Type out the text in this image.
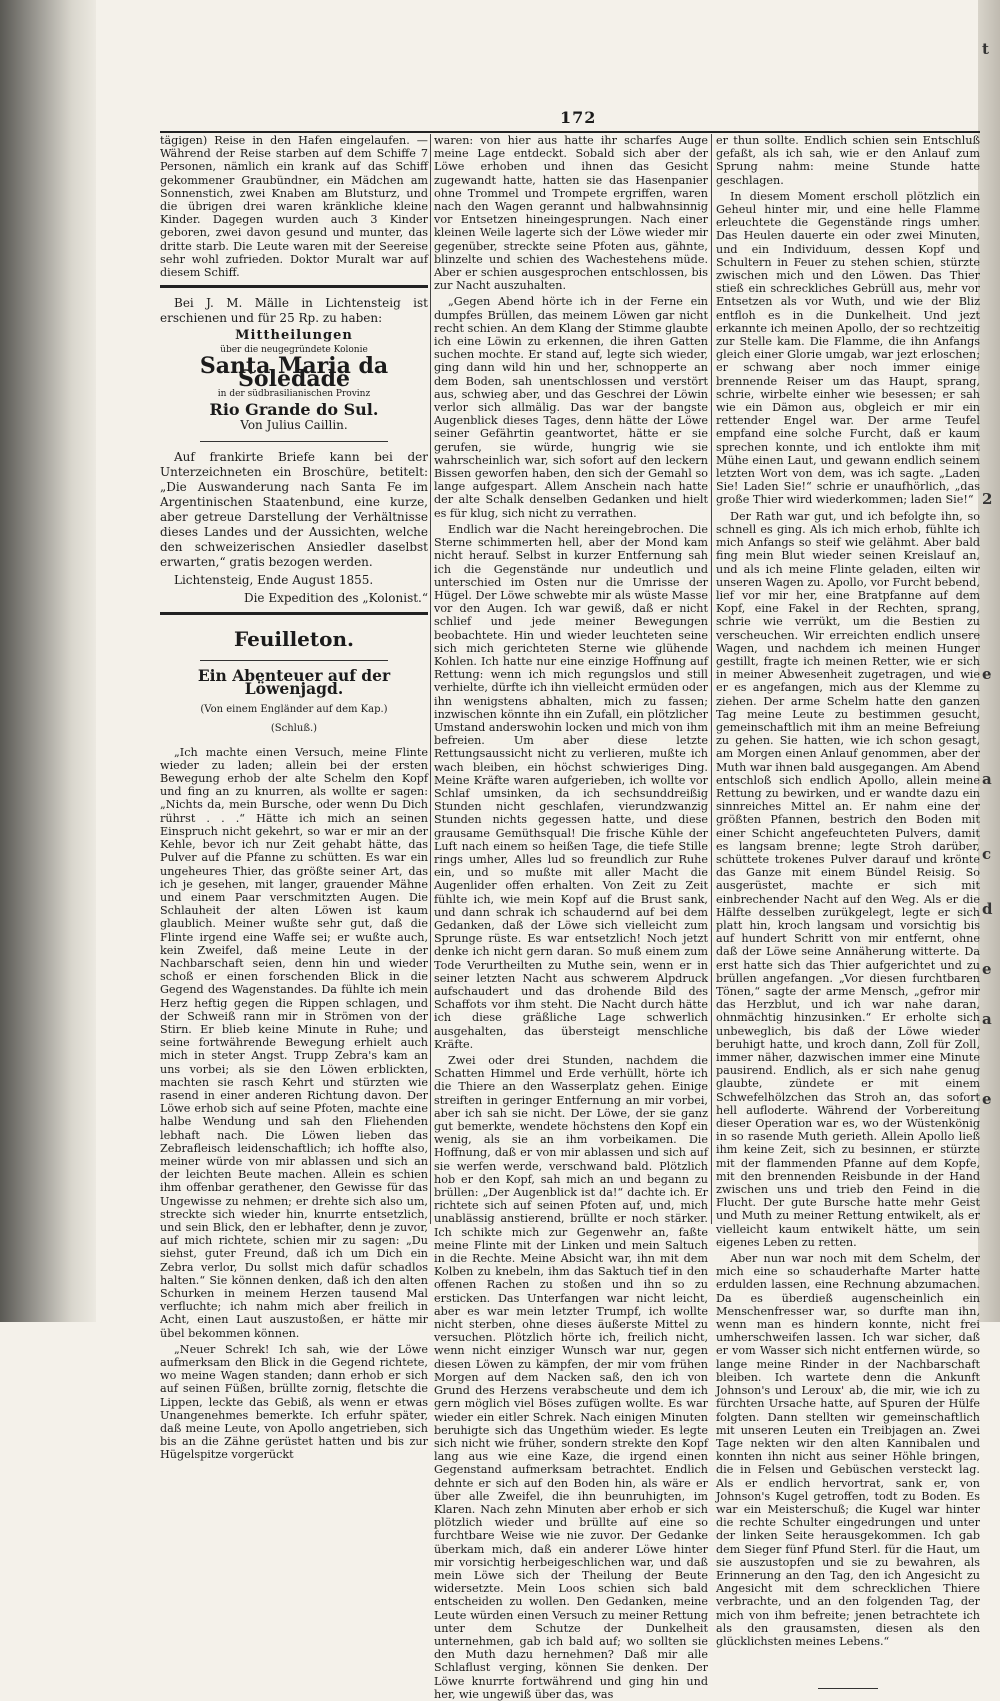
t
2
e
a
c
d
e
a
e
172

tägigen) Reise in den Hafen eingelaufen. — Während der Reise starben auf dem Schiffe 7 Personen, nämlich ein krank auf das Schiff gekommener Graubündner, ein Mädchen am Sonnenstich, zwei Knaben am Blutsturz, und die übrigen drei waren kränkliche kleine Kinder. Dagegen wurden auch 3 Kinder geboren, zwei davon gesund und munter, das dritte starb. Die Leute waren mit der Seereise sehr wohl zufrieden. Doktor Muralt war auf diesem Schiff.

Bei J. M. Mälle in Lichtensteig ist erschienen und für 25 Rp. zu haben:

Mittheilungen
über die neugegründete Kolonie
Santa Maria da Soledade
in der südbrasilianischen Provinz
Rio Grande do Sul.
Von Julius Caillin.

Auf frankirte Briefe kann bei der Unterzeichneten ein Broschüre, betitelt: „Die Auswanderung nach Santa Fe im Argentinischen Staatenbund, eine kurze, aber getreue Darstellung der Verhältnisse dieses Landes und der Aussichten, welche den schweizerischen Ansiedler daselbst erwarten,“ gratis bezogen werden.

Lichtensteig, Ende August 1855.

Die Expedition des „Kolonist.“
Feuilleton.
Ein Abenteuer auf der Löwenjagd.
(Von einem Engländer auf dem Kap.)
(Schluß.)

„Ich machte einen Versuch, meine Flinte wieder zu laden; allein bei der ersten Bewegung erhob der alte Schelm den Kopf und fing an zu knurren, als wollte er sagen: „Nichts da, mein Bursche, oder wenn Du Dich rührst . . .“ Hätte ich mich an seinen Einspruch nicht gekehrt, so war er mir an der Kehle, bevor ich nur Zeit gehabt hätte, das Pulver auf die Pfanne zu schütten. Es war ein ungeheures Thier, das größte seiner Art, das ich je gesehen, mit langer, grauender Mähne und einem Paar verschmitzten Augen. Die Schlauheit der alten Löwen ist kaum glaublich. Meiner wußte sehr gut, daß die Flinte irgend eine Waffe sei; er wußte auch, kein Zweifel, daß meine Leute in der Nachbarschaft seien, denn hin und wieder schoß er einen forschenden Blick in die Gegend des Wagenstandes. Da fühlte ich mein Herz heftig gegen die Rippen schlagen, und der Schweiß rann mir in Strömen von der Stirn. Er blieb keine Minute in Ruhe; und seine fortwährende Bewegung erhielt auch mich in steter Angst. Trupp Zebra's kam an uns vorbei; als sie den Löwen erblickten, machten sie rasch Kehrt und stürzten wie rasend in einer anderen Richtung davon. Der Löwe erhob sich auf seine Pfoten, machte eine halbe Wendung und sah den Fliehenden lebhaft nach. Die Löwen lieben das Zebrafleisch leidenschaftlich; ich hoffte also, meiner würde von mir ablassen und sich an der leichten Beute machen. Allein es schien ihm offenbar gerathener, den Gewisse für das Ungewisse zu nehmen; er drehte sich also um, streckte sich wieder hin, knurrte entsetzlich, und sein Blick, den er lebhafter, denn je zuvor, auf mich richtete, schien mir zu sagen: „Du siehst, guter Freund, daß ich um Dich ein Zebra verlor, Du sollst mich dafür schadlos halten.“ Sie können denken, daß ich den alten Schurken in meinem Herzen tausend Mal verfluchte; ich nahm mich aber freilich in Acht, einen Laut auszustoßen, er hätte mir übel bekommen können.

„Neuer Schrek! Ich sah, wie der Löwe aufmerksam den Blick in die Gegend richtete, wo meine Wagen standen; dann erhob er sich auf seinen Füßen, brüllte zornig, fletschte die Lippen, leckte das Gebiß, als wenn er etwas Unangenehmes bemerkte. Ich erfuhr später, daß meine Leute, von Apollo angetrieben, sich bis an die Zähne gerüstet hatten und bis zur Hügelspitze vorgerückt

waren: von hier aus hatte ihr scharfes Auge meine Lage entdeckt. Sobald sich aber der Löwe erhoben und ihnen das Gesicht zugewandt hatte, hatten sie das Hasenpanier ohne Trommel und Trompete ergriffen, waren nach den Wagen gerannt und halbwahnsinnig vor Entsetzen hineingesprungen. Nach einer kleinen Weile lagerte sich der Löwe wieder mir gegenüber, streckte seine Pfoten aus, gähnte, blinzelte und schien des Wachestehens müde. Aber er schien ausgesprochen entschlossen, bis zur Nacht auszuhalten.

„Gegen Abend hörte ich in der Ferne ein dumpfes Brüllen, das meinem Löwen gar nicht recht schien. An dem Klang der Stimme glaubte ich eine Löwin zu erkennen, die ihren Gatten suchen mochte. Er stand auf, legte sich wieder, ging dann wild hin und her, schnopperte an dem Boden, sah unentschlossen und verstört aus, schwieg aber, und das Geschrei der Löwin verlor sich allmälig. Das war der bangste Augenblick dieses Tages, denn hätte der Löwe seiner Gefährtin geantwortet, hätte er sie gerufen, sie würde, hungrig wie sie wahrscheinlich war, sich sofort auf den leckern Bissen geworfen haben, den sich der Gemahl so lange aufgespart. Allem Anschein nach hatte der alte Schalk denselben Gedanken und hielt es für klug, sich nicht zu verrathen.

Endlich war die Nacht hereingebrochen. Die Sterne schimmerten hell, aber der Mond kam nicht herauf. Selbst in kurzer Entfernung sah ich die Gegenstände nur undeutlich und unterschied im Osten nur die Umrisse der Hügel. Der Löwe schwebte mir als wüste Masse vor den Augen. Ich war gewiß, daß er nicht schlief und jede meiner Bewegungen beobachtete. Hin und wieder leuchteten seine sich mich gerichteten Sterne wie glühende Kohlen. Ich hatte nur eine einzige Hoffnung auf Rettung: wenn ich mich regungslos und still verhielte, dürfte ich ihn vielleicht ermüden oder ihn wenigstens abhalten, mich zu fassen; inzwischen könnte ihn ein Zufall, ein plötzlicher Umstand anderswohin locken und mich von ihm befreien. Um aber diese letzte Rettungsaussicht nicht zu verlieren, mußte ich wach bleiben, ein höchst schwieriges Ding. Meine Kräfte waren aufgerieben, ich wollte vor Schlaf umsinken, da ich sechsunddreißig Stunden nicht geschlafen, vierundzwanzig Stunden nichts gegessen hatte, und diese grausame Gemüthsqual! Die frische Kühle der Luft nach einem so heißen Tage, die tiefe Stille rings umher, Alles lud so freundlich zur Ruhe ein, und so mußte mit aller Macht die Augenlider offen erhalten. Von Zeit zu Zeit fühlte ich, wie mein Kopf auf die Brust sank, und dann schrak ich schaudernd auf bei dem Gedanken, daß der Löwe sich vielleicht zum Sprunge rüste. Es war entsetzlich! Noch jetzt denke ich nicht gern daran. So muß einem zum Tode Verurtheilten zu Muthe sein, wenn er in seiner letzten Nacht aus schwerem Alpdruck aufschaudert und das drohende Bild des Schaffots vor ihm steht. Die Nacht durch hätte ich diese gräßliche Lage schwerlich ausgehalten, das übersteigt menschliche Kräfte.

Zwei oder drei Stunden, nachdem die Schatten Himmel und Erde verhüllt, hörte ich die Thiere an den Wasserplatz gehen. Einige streiften in geringer Entfernung an mir vorbei, aber ich sah sie nicht. Der Löwe, der sie ganz gut bemerkte, wendete höchstens den Kopf ein wenig, als sie an ihm vorbeikamen. Die Hoffnung, daß er von mir ablassen und sich auf sie werfen werde, verschwand bald. Plötzlich hob er den Kopf, sah mich an und begann zu brüllen: „Der Augenblick ist da!“ dachte ich. Er richtete sich auf seinen Pfoten auf, und, mich unablässig anstierend, brüllte er noch stärker. Ich schikte mich zur Gegenwehr an, faßte meine Flinte mit der Linken und mein Saltuch in die Rechte. Meine Absicht war, ihn mit dem Kolben zu knebeln, ihm das Saktuch tief in den offenen Rachen zu stoßen und ihn so zu ersticken. Das Unterfangen war nicht leicht, aber es war mein letzter Trumpf, ich wollte nicht sterben, ohne dieses äußerste Mittel zu versuchen. Plötzlich hörte ich, freilich nicht, wenn nicht einziger Wunsch war nur, gegen diesen Löwen zu kämpfen, der mir vom frühen Morgen auf dem Nacken saß, den ich von Grund des Herzens verabscheute und dem ich gern möglich viel Böses zufügen wollte. Es war wieder ein eitler Schrek. Nach einigen Minuten beruhigte sich das Ungethüm wieder. Es legte sich nicht wie früher, sondern strekte den Kopf lang aus wie eine Kaze, die irgend einen Gegenstand aufmerksam betrachtet. Endlich dehnte er sich auf den Boden hin, als wäre er über alle Zweifel, die ihn beunruhigten, im Klaren. Nach zehn Minuten aber erhob er sich plötzlich wieder und brüllte auf eine so furchtbare Weise wie nie zuvor. Der Gedanke überkam mich, daß ein anderer Löwe hinter mir vorsichtig herbeigeschlichen war, und daß mein Löwe sich der Theilung der Beute widersetzte. Mein Loos schien sich bald entscheiden zu wollen. Den Gedanken, meine Leute würden einen Versuch zu meiner Rettung unter dem Schutze der Dunkelheit unternehmen, gab ich bald auf; wo sollten sie den Muth dazu hernehmen? Daß mir alle Schlaflust verging, können Sie denken. Der Löwe knurrte fortwährend und ging hin und her, wie ungewiß über das, was

er thun sollte. Endlich schien sein Entschluß gefaßt, als ich sah, wie er den Anlauf zum Sprung nahm: meine Stunde hatte geschlagen.

In diesem Moment erscholl plötzlich ein Geheul hinter mir, und eine helle Flamme erleuchtete die Gegenstände rings umher. Das Heulen dauerte ein oder zwei Minuten, und ein Individuum, dessen Kopf und Schultern in Feuer zu stehen schien, stürzte zwischen mich und den Löwen. Das Thier stieß ein schreckliches Gebrüll aus, mehr vor Entsetzen als vor Wuth, und wie der Bliz entfloh es in die Dunkelheit. Und jezt erkannte ich meinen Apollo, der so rechtzeitig zur Stelle kam. Die Flamme, die ihn Anfangs gleich einer Glorie umgab, war jezt erloschen; er schwang aber noch immer einige brennende Reiser um das Haupt, sprang, schrie, wirbelte einher wie besessen; er sah wie ein Dämon aus, obgleich er mir ein rettender Engel war. Der arme Teufel empfand eine solche Furcht, daß er kaum sprechen konnte, und ich entlokte ihm mit Mühe einen Laut, und gewann endlich seinem letzten Wort von dem, was ich sagte. „Laden Sie! Laden Sie!“ schrie er unaufhörlich, „das große Thier wird wiederkommen; laden Sie!“

Der Rath war gut, und ich befolgte ihn, so schnell es ging. Als ich mich erhob, fühlte ich mich Anfangs so steif wie gelähmt. Aber bald fing mein Blut wieder seinen Kreislauf an, und als ich meine Flinte geladen, eilten wir unseren Wagen zu. Apollo, vor Furcht bebend, lief vor mir her, eine Bratpfanne auf dem Kopf, eine Fakel in der Rechten, sprang, schrie wie verrükt, um die Bestien zu verscheuchen. Wir erreichten endlich unsere Wagen, und nachdem ich meinen Hunger gestillt, fragte ich meinen Retter, wie er sich in meiner Abwesenheit zugetragen, und wie er es angefangen, mich aus der Klemme zu ziehen. Der arme Schelm hatte den ganzen Tag meine Leute zu bestimmen gesucht, gemeinschaftlich mit ihm an meine Befreiung zu gehen. Sie hatten, wie ich schon gesagt, am Morgen einen Anlauf genommen, aber der Muth war ihnen bald ausgegangen. Am Abend entschloß sich endlich Apollo, allein meine Rettung zu bewirken, und er wandte dazu ein sinnreiches Mittel an. Er nahm eine der größten Pfannen, bestrich den Boden mit einer Schicht angefeuchteten Pulvers, damit es langsam brenne; legte Stroh darüber, schüttete trokenes Pulver darauf und krönte das Ganze mit einem Bündel Reisig. So ausgerüstet, machte er sich mit einbrechender Nacht auf den Weg. Als er die Hälfte desselben zurükgelegt, legte er sich platt hin, kroch langsam und vorsichtig bis auf hundert Schritt von mir entfernt, ohne daß der Löwe seine Annäherung witterte. Da erst hatte sich das Thier aufgerichtet und zu brüllen angefangen. „Vor diesen furchtbaren Tönen,“ sagte der arme Mensch, „gefror mir das Herzblut, und ich war nahe daran, ohnmächtig hinzusinken.“ Er erholte sich unbeweglich, bis daß der Löwe wieder beruhigt hatte, und kroch dann, Zoll für Zoll, immer näher, dazwischen immer eine Minute pausirend. Endlich, als er sich nahe genug glaubte, zündete er mit einem Schwefelhölzchen das Stroh an, das sofort hell aufloderte. Während der Vorbereitung dieser Operation war es, wo der Wüstenkönig in so rasende Muth gerieth. Allein Apollo ließ ihm keine Zeit, sich zu besinnen, er stürzte mit der flammenden Pfanne auf dem Kopfe, mit den brennenden Reisbunde in der Hand zwischen uns und trieb den Feind in die Flucht. Der gute Bursche hatte mehr Geist und Muth zu meiner Rettung entwikelt, als er vielleicht kaum entwikelt hätte, um sein eigenes Leben zu retten.

Aber nun war noch mit dem Schelm, der mich eine so schauderhafte Marter hatte erdulden lassen, eine Rechnung abzumachen. Da es überdieß augenscheinlich ein Menschenfresser war, so durfte man ihn, wenn man es hindern konnte, nicht frei umherschweifen lassen. Ich war sicher, daß er vom Wasser sich nicht entfernen würde, so lange meine Rinder in der Nachbarschaft bleiben. Ich wartete denn die Ankunft Johnson's und Leroux' ab, die mir, wie ich zu fürchten Ursache hatte, auf Spuren der Hülfe folgten. Dann stellten wir gemeinschaftlich mit unseren Leuten ein Treibjagen an. Zwei Tage nekten wir den alten Kannibalen und konnten ihn nicht aus seiner Höhle bringen, die in Felsen und Gebüschen versteckt lag. Als er endlich hervortrat, sank er, von Johnson's Kugel getroffen, todt zu Boden. Es war ein Meisterschuß; die Kugel war hinter die rechte Schulter eingedrungen und unter der linken Seite herausgekommen. Ich gab dem Sieger fünf Pfund Sterl. für die Haut, um sie auszustopfen und sie zu bewahren, als Erinnerung an den Tag, den ich Angesicht zu Angesicht mit dem schrecklichen Thiere verbrachte, und an den folgenden Tag, der mich von ihm befreite; jenen betrachtete ich als den grausamsten, diesen als den glücklichsten meines Lebens.“
